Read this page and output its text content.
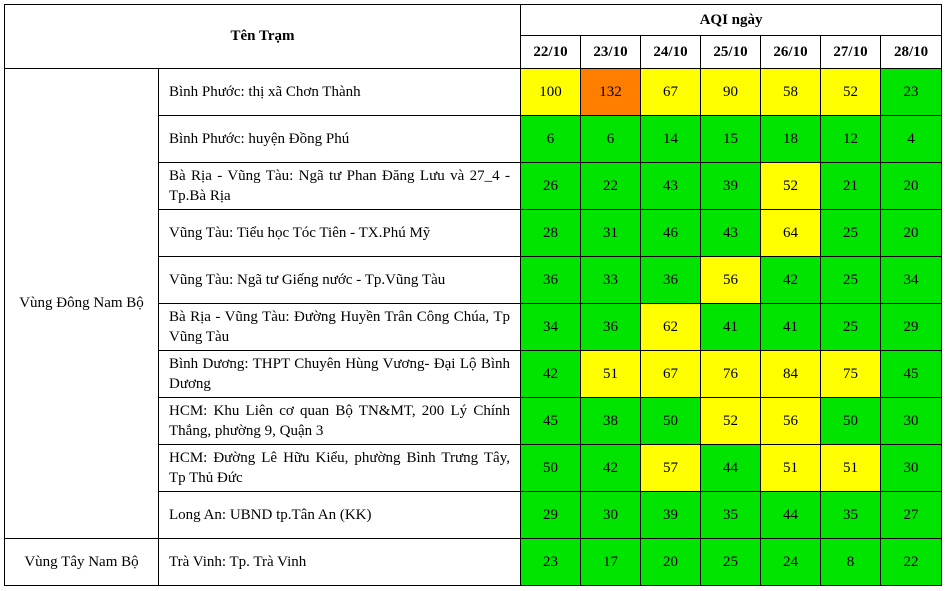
Tên Trạm		AQI ngày						
		22/10	23/10	24/10	25/10	26/10	27/10	28/10
Vùng Đông Nam Bộ	Bình Phước: thị xã Chơn Thành	100	132	67	90	58	52	23
	Bình Phước: huyện Đồng Phú	6	6	14	15	18	12	4
	Bà Rịa - Vũng Tàu: Ngã tư Phan Đăng Lưu và 27_4 - Tp.Bà Rịa	26	22	43	39	52	21	20
	Vũng Tàu: Tiểu học Tóc Tiên - TX.Phú Mỹ	28	31	46	43	64	25	20
	Vũng Tàu: Ngã tư Giếng nước - Tp.Vũng Tàu	36	33	36	56	42	25	34
	Bà Rịa - Vũng Tàu: Đường Huyền Trân Công Chúa, Tp Vũng Tàu	34	36	62	41	41	25	29
	Bình Dương: THPT Chuyên Hùng Vương- Đại Lộ Bình Dương	42	51	67	76	84	75	45
	HCM: Khu Liên cơ quan Bộ TN&MT, 200 Lý Chính Thắng, phường 9, Quận 3	45	38	50	52	56	50	30
	HCM: Đường Lê Hữu Kiểu, phường Bình Trưng Tây, Tp Thủ Đức	50	42	57	44	51	51	30
	Long An: UBND tp.Tân An (KK)	29	30	39	35	44	35	27
Vùng Tây Nam Bộ	Trà Vinh: Tp. Trà Vinh	23	17	20	25	24	8	22
